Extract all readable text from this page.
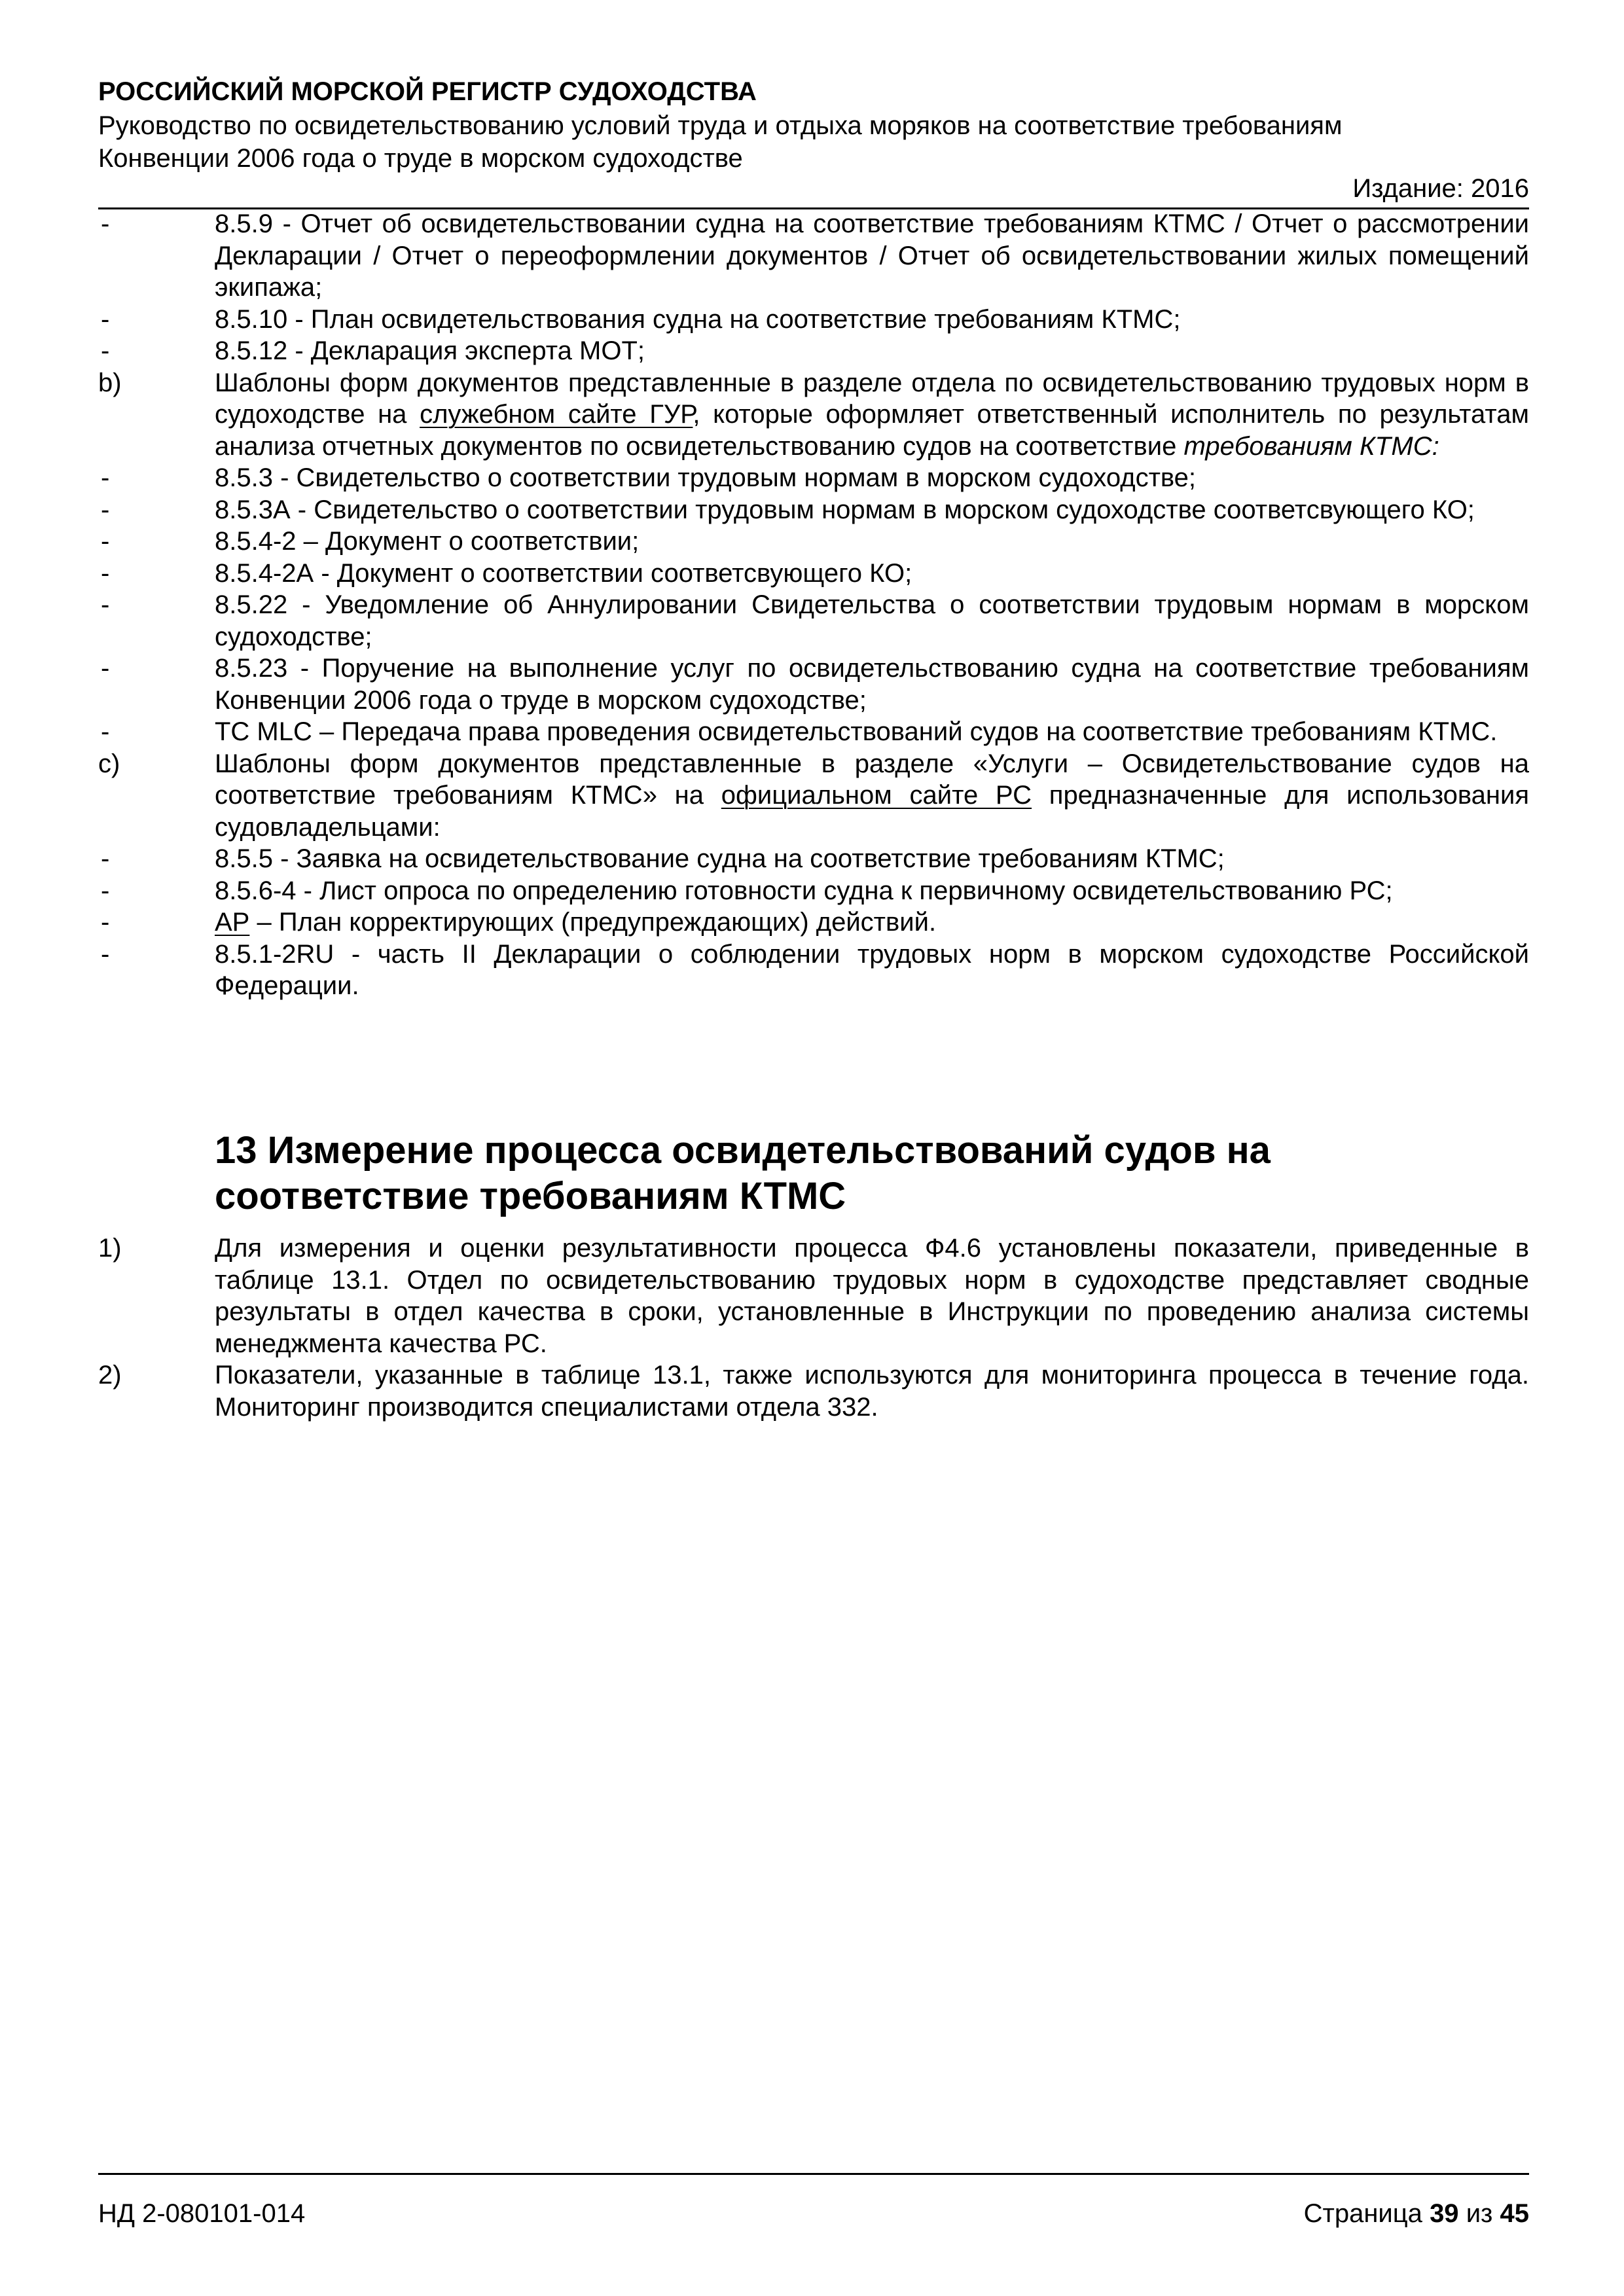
РОССИЙСКИЙ МОРСКОЙ РЕГИСТР СУДОХОДСТВА
Руководство по освидетельствованию условий труда и отдыха моряков на соответствие требованиям
Конвенции 2006 года о труде в морском судоходстве
Издание: 2016
-	8.5.9 - Отчет об освидетельствовании судна на соответствие требованиям КТМС / Отчет о рассмотрении Декларации / Отчет о переоформлении документов / Отчет об освидетельствовании жилых помещений экипажа;
-	8.5.10 - План освидетельствования судна на соответствие требованиям КТМС;
-	8.5.12 - Декларация эксперта МОТ;
b)	Шаблоны форм документов представленные в разделе отдела по освидетельствованию трудовых норм в судоходстве на служебном сайте ГУР, которые оформляет ответственный исполнитель по результатам анализа отчетных документов по освидетельствованию судов на соответствие требованиям КТМС:
-	8.5.3 - Свидетельство о соответствии трудовым нормам в морском судоходстве;
-	8.5.3А - Свидетельство о соответствии трудовым нормам в морском судоходстве соответсвующего КО;
-	8.5.4-2 – Документ о соответствии;
-	8.5.4-2А - Документ о соответствии соответсвующего КО;
-	8.5.22 - Уведомление об Аннулировании Свидетельства о соответствии трудовым нормам в морском судоходстве;
-	8.5.23 - Поручение на выполнение услуг по освидетельствованию судна на соответствие требованиям Конвенции 2006 года о труде в морском судоходстве;
-	ТС MLC – Передача права проведения освидетельствований судов на соответствие требованиям КТМС.
c)	Шаблоны форм документов представленные в разделе «Услуги – Освидетельствование судов на соответствие требованиям КТМС» на официальном сайте РС предназначенные для использования судовладельцами:
-	8.5.5 - Заявка на освидетельствование судна на соответствие требованиям КТМС;
-	8.5.6-4 - Лист опроса по определению готовности судна к первичному освидетельствованию РС;
-	АР – План корректирующих (предупреждающих) действий.
-	8.5.1-2RU - часть II Декларации о соблюдении трудовых норм в морском судоходстве Российской Федерации.
13 Измерение процесса освидетельствований судов на
соответствие требованиям КТМС
1)	Для измерения и оценки результативности процесса Ф4.6 установлены показатели, приведенные в таблице 13.1. Отдел по освидетельствованию трудовых норм в судоходстве представляет сводные результаты в отдел качества в сроки, установленные в Инструкции по проведению анализа системы менеджмента качества РС.
2)	Показатели, указанные в таблице 13.1, также используются для мониторинга процесса в течение года. Мониторинг производится специалистами отдела 332.
НД 2-080101-014	Страница 39 из 45
